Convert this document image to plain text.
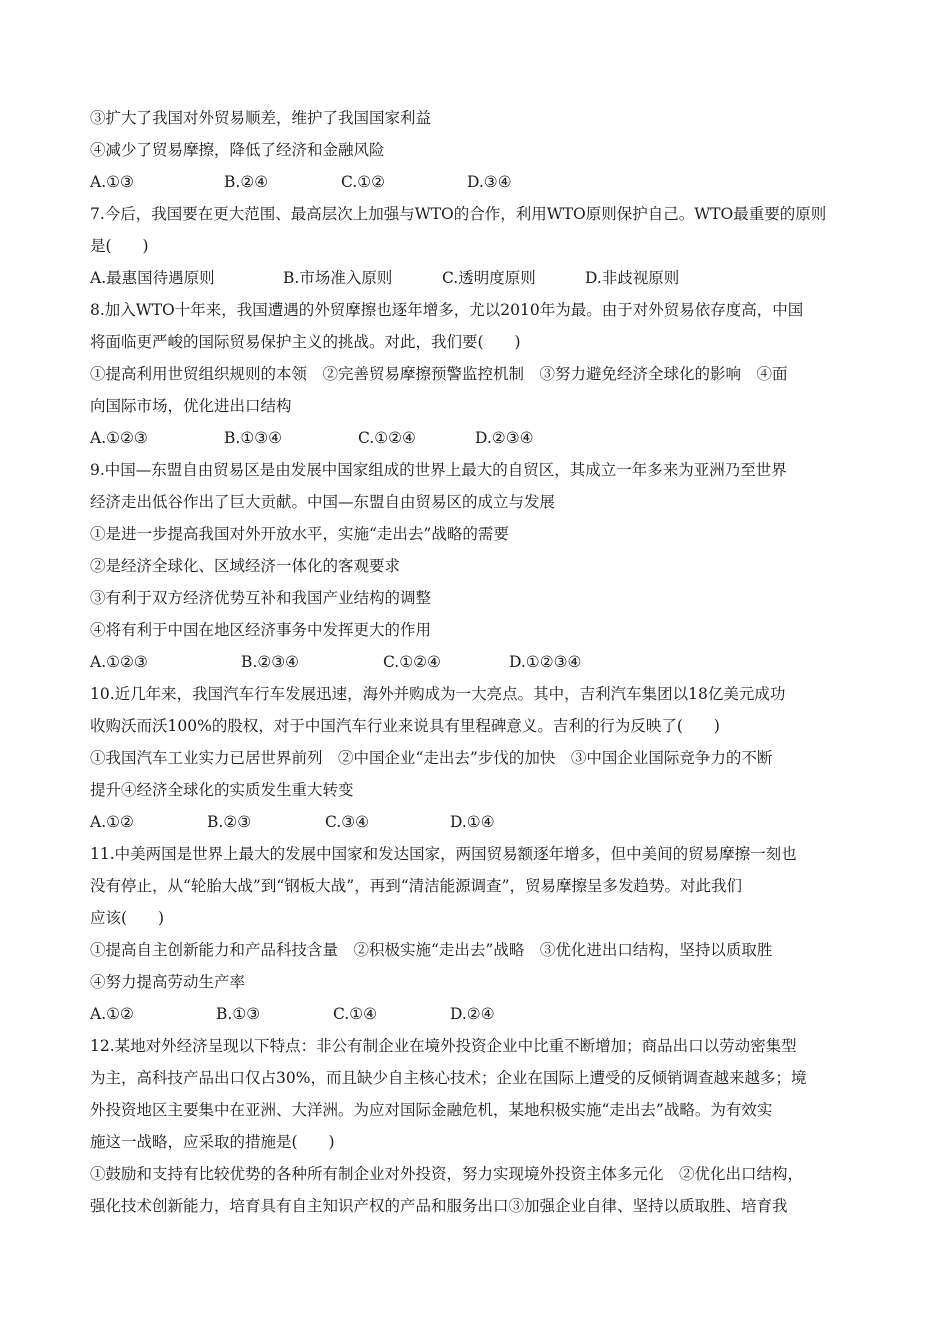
③扩大了我国对外贸易顺差，维护了我国国家利益
④减少了贸易摩擦，降低了经济和金融风险
A.①③	B.②④	C.①②	D.③④
7.今后，我国要在更大范围、最高层次上加强与WTO的合作，利用WTO原则保护自己。WTO最重要的原则
是(　　)
A.最惠国待遇原则	B.市场准入原则	C.透明度原则	D.非歧视原则
8.加入WTO十年来，我国遭遇的外贸摩擦也逐年增多，尤以2010年为最。由于对外贸易依存度高，中国
将面临更严峻的国际贸易保护主义的挑战。对此，我们要(　　)
①提高利用世贸组织规则的本领　②完善贸易摩擦预警监控机制　③努力避免经济全球化的影响　④面
向国际市场，优化进出口结构
A.①②③	B.①③④	C.①②④	D.②③④
9.中国—东盟自由贸易区是由发展中国家组成的世界上最大的自贸区，其成立一年多来为亚洲乃至世界
经济走出低谷作出了巨大贡献。中国—东盟自由贸易区的成立与发展
①是进一步提高我国对外开放水平，实施“走出去”战略的需要
②是经济全球化、区域经济一体化的客观要求
③有利于双方经济优势互补和我国产业结构的调整
④将有利于中国在地区经济事务中发挥更大的作用
A.①②③	B.②③④	C.①②④	D.①②③④
10.近几年来，我国汽车行车发展迅速，海外并购成为一大亮点。其中，吉利汽车集团以18亿美元成功
收购沃而沃100%的股权，对于中国汽车行业来说具有里程碑意义。吉利的行为反映了(　　)
①我国汽车工业实力已居世界前列　②中国企业“走出去”步伐的加快　③中国企业国际竞争力的不断
提升④经济全球化的实质发生重大转变
A.①②	B.②③	C.③④	D.①④
11.中美两国是世界上最大的发展中国家和发达国家，两国贸易额逐年增多，但中美间的贸易摩擦一刻也
没有停止，从“轮胎大战”到“钢板大战”，再到“清洁能源调查”，贸易摩擦呈多发趋势。对此我们
应该(　　)
①提高自主创新能力和产品科技含量　②积极实施“走出去”战略　③优化进出口结构，坚持以质取胜
④努力提高劳动生产率
A.①②	B.①③	C.①④	D.②④
12.某地对外经济呈现以下特点：非公有制企业在境外投资企业中比重不断增加；商品出口以劳动密集型
为主，高科技产品出口仅占30%，而且缺少自主核心技术；企业在国际上遭受的反倾销调查越来越多；境
外投资地区主要集中在亚洲、大洋洲。为应对国际金融危机，某地积极实施“走出去”战略。为有效实
施这一战略，应采取的措施是(　　)
①鼓励和支持有比较优势的各种所有制企业对外投资，努力实现境外投资主体多元化　②优化出口结构，
强化技术创新能力，培育具有自主知识产权的产品和服务出口③加强企业自律、坚持以质取胜、培育我
